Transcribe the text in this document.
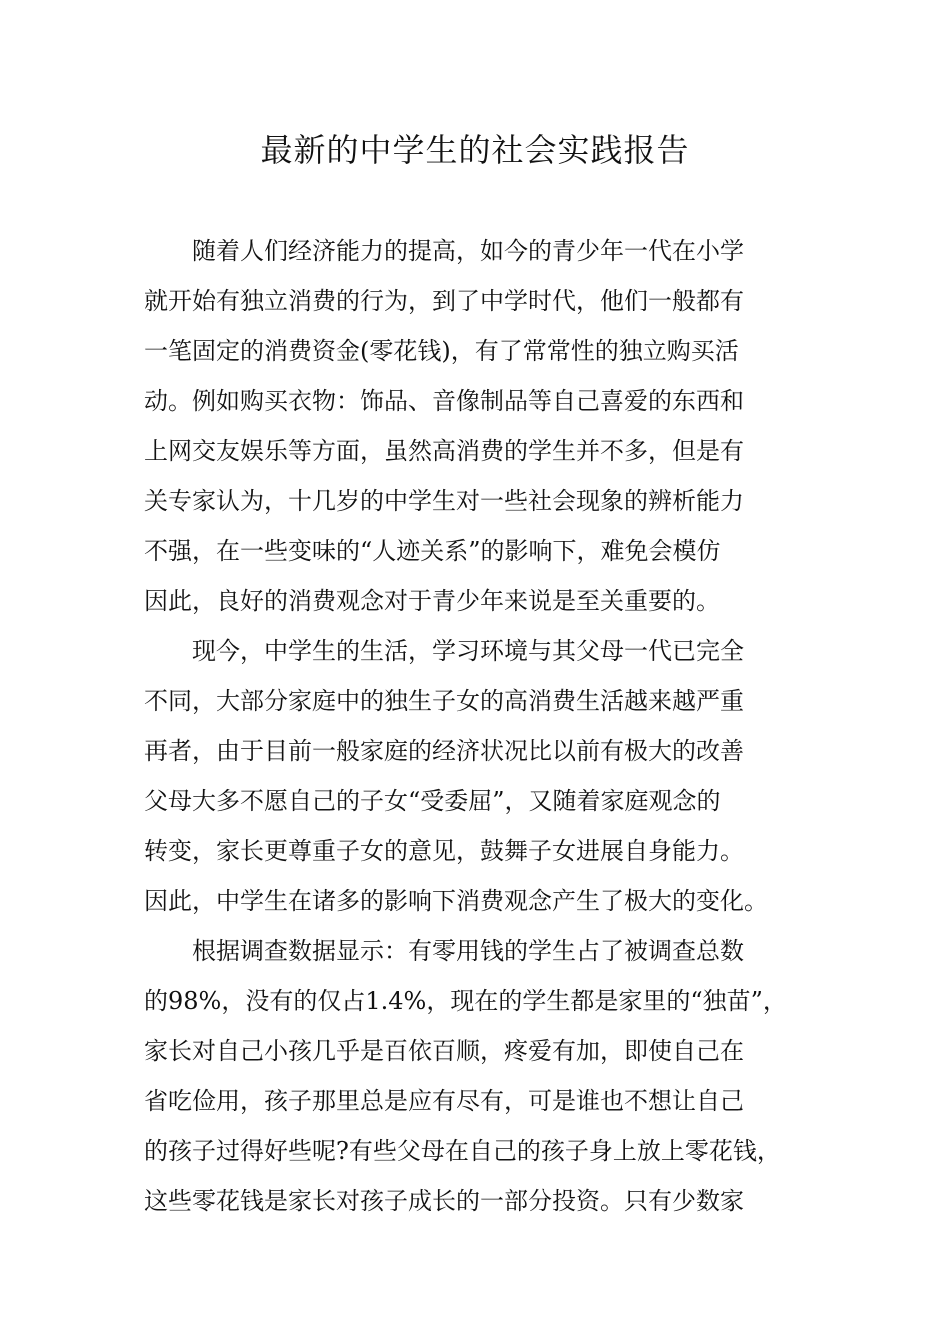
最新的中学生的社会实践报告

随着人们经济能力的提高，如今的青少年一代在小学
就开始有独立消费的行为，到了中学时代，他们一般都有
一笔固定的消费资金(零花钱)，有了常常性的独立购买活
动。例如购买衣物：饰品、音像制品等自己喜爱的东西和
上网交友娱乐等方面，虽然高消费的学生并不多，但是有
关专家认为，十几岁的中学生对一些社会现象的辨析能力
不强，在一些变味的“人迹关系”的影响下，难免会模仿
因此，良好的消费观念对于青少年来说是至关重要的。

现今，中学生的生活，学习环境与其父母一代已完全
不同，大部分家庭中的独生子女的高消费生活越来越严重
再者，由于目前一般家庭的经济状况比以前有极大的改善
父母大多不愿自己的子女“受委屈”，又随着家庭观念的
转变，家长更尊重子女的意见，鼓舞子女进展自身能力。
因此，中学生在诸多的影响下消费观念产生了极大的变化。

根据调查数据显示：有零用钱的学生占了被调查总数
的98%，没有的仅占1.4%，现在的学生都是家里的“独苗”，
家长对自己小孩几乎是百依百顺，疼爱有加，即使自己在
省吃俭用，孩子那里总是应有尽有，可是谁也不想让自己
的孩子过得好些呢?有些父母在自己的孩子身上放上零花钱，
这些零花钱是家长对孩子成长的一部分投资。只有少数家
